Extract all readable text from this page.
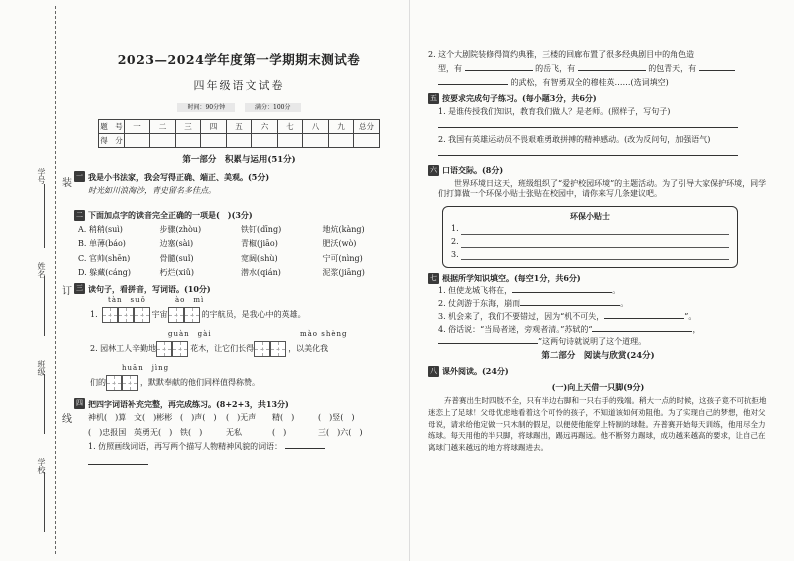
学号
姓名
班级
学校
装
订
线
2023—2024学年度第一学期期末测试卷
四年级语文试卷
时间：90分钟	满分：100分
题　号	一	二	三	四	五	六	七	八	九	总分
得　分										
第一部分　积累与运用(51分)
一 我是小书法家，我会写得正确、端正、美观。(5分)
时光如川浪淘沙，青史留名多佳点。
二 下面加点字的读音完全正确的一项是(　)(3分)
A. 稍稍(suì)	步骤(zhòu)	铁钉(dīng)	地炕(kàng)
B. 单薄(báo)	边塞(sài)	青椒(jiāo)	肥沃(wò)
C. 官帅(shēn)	骨髓(suǐ)	宽阔(shù)	宁可(nìng)
D. 躲藏(cáng)	朽烂(xiǔ)	潜水(qián)	泥浆(jiāng)
三 读句子，看拼音，写词语。(10分)
tàn　suǒ	ào　mì
1.	宇宙	的宇航员，是我心中的英雄。
guàn　gài	mào shèng
2. 园林工人辛勤地	花木，让它们长得	，以美化我
huān　jìng
们的	，默默奉献的他们同样值得称赞。
四 把四字词语补充完整，再完成练习。(8+2+3，共13分)
神机(　)算 文(　)彬彬 (　)声(　)	(　)无声	精(　)	(　)竖(　)
(　)忠报国 英勇无(　) 铁(　)	无私	(　)	三(　)六(　)
1. 仿照画线词语，再写两个描写人物精神风貌的词语：

2. 这个大剧院装修得简约典雅，三楼的回廊布置了很多经典剧目中的角色造

型，有	的岳飞，有	的包青天，有

的武松，有智勇双全的穆桂英……(选词填空)

五 按要求完成句子练习。(每小题3分，共6分)

1. 是谁传授我们知识，教育我们做人？是老师。(照样子，写句子)

2. 我国有英雄运动员不畏艰难勇敢拼搏的精神感动。(改为反问句，加强语气)

六 口语交际。(8分)

世界环境日这天，班级组织了“爱护校园环境”的主题活动。为了引导大家保护环境，同学们打算做一个环保小贴士张贴在校园中，请你来写几条建议吧。

环保小贴士
1.
2.
3.
七 根据所学知识填空。(每空1分，共6分)

1. 但使龙城飞将在，	。

2. 仗剑游于东海，崩而	。

3. 机会来了，我们不要错过，因为“机不可失，	”。

4. 俗话说：“当局者迷，旁观者清。”苏轼的“	，

”这两句诗就说明了这个道理。

第二部分　阅读与欣赏(24分)
八 课外阅读。(24分)
(一)向上天借一只脚(9分)
卉普赛出生时四肢不全，只有半边右脚和一只右手的残端。稍大一点的时候，这孩子竟不可抗拒地迷恋上了足球！父母优虑地看着这个可怜的孩子，不知道该如何劝阻他。为了实现自己的梦想，他对父母说，请求给他定做一只木制的假足，以便使他能穿上特制的球鞋。卉普赛开始每天训练，他用尽全力练球。每天用他的半只脚，将球踢出，踢远再踢远。他不断努力踢球，成功越来越高的要求，让自己在离球门越来越远的地方将球踢进去。
